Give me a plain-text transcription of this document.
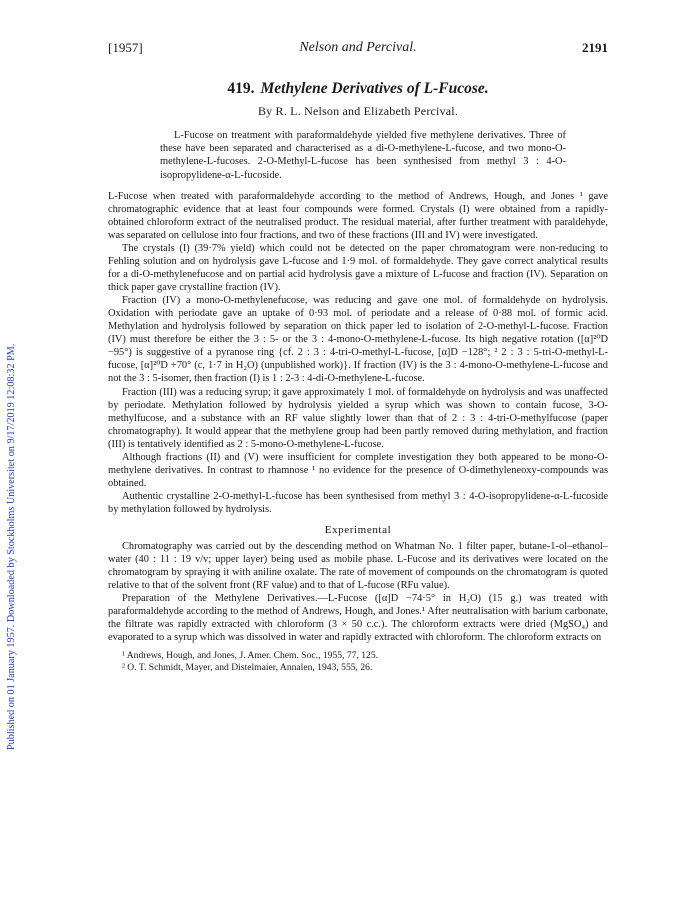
Published on 01 January 1957. Downloaded by Stockholms Universitet on 9/17/2019 12:08:32 PM.
[1957]	Nelson and Percival.	2191
419. Methylene Derivatives of L-Fucose.
By R. L. Nelson and Elizabeth Percival.

L-Fucose on treatment with paraformaldehyde yielded five methylene derivatives. Three of these have been separated and characterised as a di-O-methylene-L-fucose, and two mono-O-methylene-L-fucoses. 2-O-Methyl-L-fucose has been synthesised from methyl 3 : 4-O-isopropylidene-α-L-fucoside.

L-Fucose when treated with paraformaldehyde according to the method of Andrews, Hough, and Jones ¹ gave chromatographic evidence that at least four compounds were formed. Crystals (I) were obtained from a rapidly-obtained chloroform extract of the neutralised product. The residual material, after further treatment with paraldehyde, was separated on cellulose into four fractions, and two of these fractions (III and IV) were investigated.

The crystals (I) (39·7% yield) which could not be detected on the paper chromatogram were non-reducing to Fehling solution and on hydrolysis gave L-fucose and 1·9 mol. of formaldehyde. They gave correct analytical results for a di-O-methylenefucose and on partial acid hydrolysis gave a mixture of L-fucose and fraction (IV). Separation on thick paper gave crystalline fraction (IV).

Fraction (IV) a mono-O-methylenefucose, was reducing and gave one mol. of formaldehyde on hydrolysis. Oxidation with periodate gave an uptake of 0·93 mol. of periodate and a release of 0·88 mol. of formic acid. Methylation and hydrolysis followed by separation on thick paper led to isolation of 2-O-methyl-L-fucose. Fraction (IV) must therefore be either the 3 : 5- or the 3 : 4-mono-O-methylene-L-fucose. Its high negative rotation ([α]²⁰D −95°) is suggestive of a pyranose ring {cf. 2 : 3 : 4-tri-O-methyl-L-fucose, [α]D −128°; ² 2 : 3 : 5-tri-O-methyl-L-fucose, [α]²⁰D +70° (c, 1·7 in H₂O) (unpublished work)}. If fraction (IV) is the 3 : 4-mono-O-methylene-L-fucose and not the 3 : 5-isomer, then fraction (I) is 1 : 2-3 : 4-di-O-methylene-L-fucose.

Fraction (III) was a reducing syrup; it gave approximately 1 mol. of formaldehyde on hydrolysis and was unaffected by periodate. Methylation followed by hydrolysis yielded a syrup which was shown to contain fucose, 3-O-methylfucose, and a substance with an RF value slightly lower than that of 2 : 3 : 4-tri-O-methylfucose (paper chromatography). It would appear that the methylene group had been partly removed during methylation, and fraction (III) is tentatively identified as 2 : 5-mono-O-methylene-L-fucose.

Although fractions (II) and (V) were insufficient for complete investigation they both appeared to be mono-O-methylene derivatives. In contrast to rhamnose ¹ no evidence for the presence of O-dimethyleneoxy-compounds was obtained.

Authentic crystalline 2-O-methyl-L-fucose has been synthesised from methyl 3 : 4-O-isopropylidene-α-L-fucoside by methylation followed by hydrolysis.

Experimental

Chromatography was carried out by the descending method on Whatman No. 1 filter paper, butane-1-ol–ethanol–water (40 : 11 : 19 v/v; upper layer) being used as mobile phase. L-Fucose and its derivatives were located on the chromatogram by spraying it with aniline oxalate. The rate of movement of compounds on the chromatogram is quoted relative to that of the solvent front (RF value) and to that of L-fucose (RFu value).

Preparation of the Methylene Derivatives.—L-Fucose ([α]D −74·5° in H₂O) (15 g.) was treated with paraformaldehyde according to the method of Andrews, Hough, and Jones.¹ After neutralisation with barium carbonate, the filtrate was rapidly extracted with chloroform (3 × 50 c.c.). The chloroform extracts were dried (MgSO₄) and evaporated to a syrup which was dissolved in water and rapidly extracted with chloroform. The chloroform extracts on

¹ Andrews, Hough, and Jones, J. Amer. Chem. Soc., 1955, 77, 125.
² O. T. Schmidt, Mayer, and Distelmaier, Annalen, 1943, 555, 26.
